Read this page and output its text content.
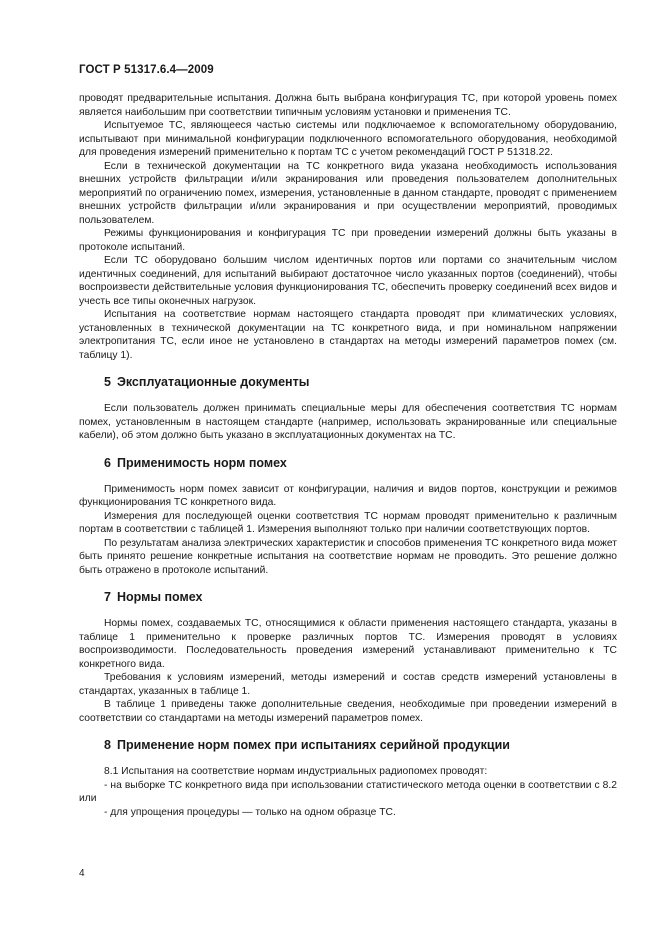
ГОСТ Р 51317.6.4—2009

проводят предварительные испытания. Должна быть выбрана конфигурация ТС, при которой уровень помех является наибольшим при соответствии типичным условиям установки и применения ТС.

Испытуемое ТС, являющееся частью системы или подключаемое к вспомогательному оборудованию, испытывают при минимальной конфигурации подключенного вспомогательного оборудования, необходимой для проведения измерений применительно к портам ТС с учетом рекомендаций ГОСТ Р 51318.22.

Если в технической документации на ТС конкретного вида указана необходимость использования внешних устройств фильтрации и/или экранирования или проведения пользователем дополнительных мероприятий по ограничению помех, измерения, установленные в данном стандарте, проводят с применением внешних устройств фильтрации и/или экранирования и при осуществлении мероприятий, проводимых пользователем.

Режимы функционирования и конфигурация ТС при проведении измерений должны быть указаны в протоколе испытаний.

Если ТС оборудовано большим числом идентичных портов или портами со значительным числом идентичных соединений, для испытаний выбирают достаточное число указанных портов (соединений), чтобы воспроизвести действительные условия функционирования ТС, обеспечить проверку соединений всех видов и учесть все типы оконечных нагрузок.

Испытания на соответствие нормам настоящего стандарта проводят при климатических условиях, установленных в технической документации на ТС конкретного вида, и при номинальном напряжении электропитания ТС, если иное не установлено в стандартах на методы измерений параметров помех (см. таблицу 1).

5 Эксплуатационные документы

Если пользователь должен принимать специальные меры для обеспечения соответствия ТС нормам помех, установленным в настоящем стандарте (например, использовать экранированные или специальные кабели), об этом должно быть указано в эксплуатационных документах на ТС.

6 Применимость норм помех

Применимость норм помех зависит от конфигурации, наличия и видов портов, конструкции и режимов функционирования ТС конкретного вида.

Измерения для последующей оценки соответствия ТС нормам проводят применительно к различным портам в соответствии с таблицей 1. Измерения выполняют только при наличии соответствующих портов.

По результатам анализа электрических характеристик и способов применения ТС конкретного вида может быть принято решение конкретные испытания на соответствие нормам не проводить. Это решение должно быть отражено в протоколе испытаний.

7 Нормы помех

Нормы помех, создаваемых ТС, относящимися к области применения настоящего стандарта, указаны в таблице 1 применительно к проверке различных портов ТС. Измерения проводят в условиях воспроизводимости. Последовательность проведения измерений устанавливают применительно к ТС конкретного вида.

Требования к условиям измерений, методы измерений и состав средств измерений установлены в стандартах, указанных в таблице 1.

В таблице 1 приведены также дополнительные сведения, необходимые при проведении измерений в соответствии со стандартами на методы измерений параметров помех.

8 Применение норм помех при испытаниях серийной продукции

8.1 Испытания на соответствие нормам индустриальных радиопомех проводят:

- на выборке ТС конкретного вида при использовании статистического метода оценки в соответствии с 8.2 или

- для упрощения процедуры — только на одном образце ТС.

4
